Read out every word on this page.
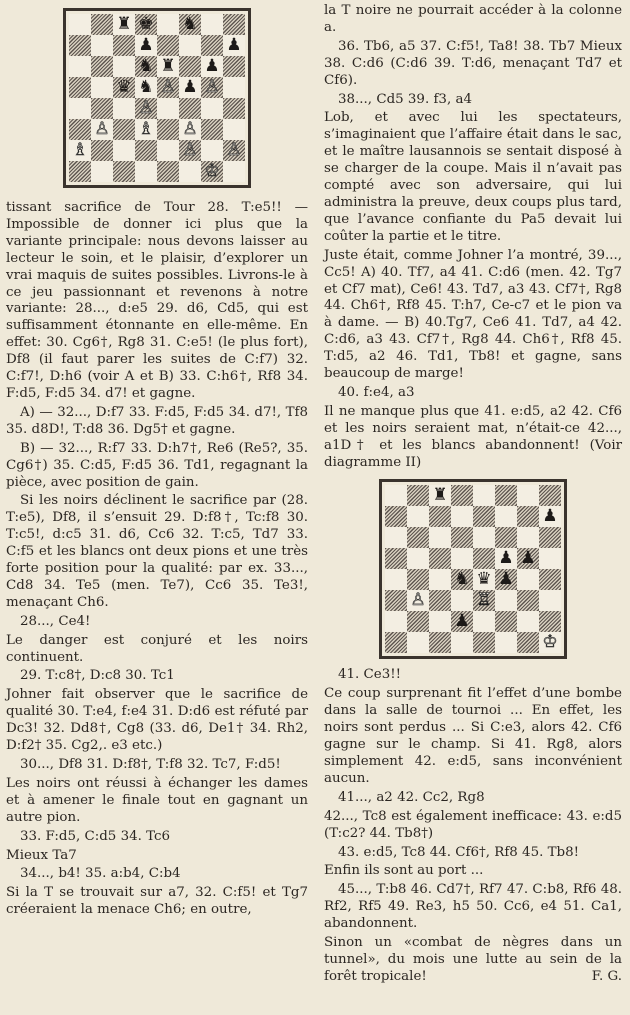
♜ ♚ ♞
♟	♟
♞ ♜ ♟
♛ ♞ ♙ ♟ ♙
♙
♙ ♗ ♙
♗	♙ ♙
♔

tissant sacrifice de Tour 28. T:e5!! — Impossible de donner ici plus que la variante principale: nous devons laisser au lecteur le soin, et le plaisir, d’explorer un vrai maquis de suites possibles. Livrons-le à ce jeu passionnant et revenons à notre variante: 28..., d:e5 29. d6, Cd5, qui est suffisamment étonnante en elle-même. En effet: 30. Cg6†, Rg8 31. C:e5! (le plus fort), Df8 (il faut parer les suites de C:f7) 32. C:f7!, D:h6 (voir A et B) 33. C:h6†, Rf8 34. F:d5, F:d5 34. d7! et gagne.

A) — 32..., D:f7 33. F:d5, F:d5 34. d7!, Tf8 35. d8D!, T:d8 36. Dg5† et gagne.

B) — 32..., R:f7 33. D:h7†, Re6 (Re5?, 35. Cg6†) 35. C:d5, F:d5 36. Td1, regagnant la pièce, avec position de gain.

Si les noirs déclinent le sacrifice par (28. T:e5), Df8, il s’ensuit 29. D:f8†, Tc:f8 30. T:c5!, d:c5 31. d6, Cc6 32. T:c5, Td7 33. C:f5 et les blancs ont deux pions et une très forte position pour la qualité: par ex. 33..., Cd8 34. Te5 (men. Te7), Cc6 35. Te3!, menaçant Ch6.

28..., Ce4!

Le danger est conjuré et les noirs continuent.

29. T:c8†, D:c8 30. Tc1

Johner fait observer que le sacrifice de qualité 30. T:e4, f:e4 31. D:d6 est réfuté par Dc3! 32. Dd8†, Cg8 (33. d6, De1† 34. Rh2, D:f2† 35. Cg2,. e3 etc.)

30..., Df8 31. D:f8†, T:f8 32. Tc7, F:d5!

Les noirs ont réussi à échanger les dames et à amener le finale tout en gagnant un autre pion.

33. F:d5, C:d5 34. Tc6

Mieux Ta7

34..., b4! 35. a:b4, C:b4

Si la T se trouvait sur a7, 32. C:f5! et Tg7 créeraient la menace Ch6; en outre,

la T noire ne pourrait accéder à la colonne a.

36. Tb6, a5 37. C:f5!, Ta8! 38. Tb7 Mieux 38. C:d6 (C:d6 39. T:d6, menaçant Td7 et Cf6).

38..., Cd5 39. f3, a4

Lob, et avec lui les spectateurs, s’imaginaient que l’affaire était dans le sac, et le maître lausannois se sentait disposé à se charger de la coupe. Mais il n’avait pas compté avec son adversaire, qui lui administra la preuve, deux coups plus tard, que l’avance confiante du Pa5 devait lui coûter la partie et le titre.

Juste était, comme Johner l’a montré, 39..., Cc5! A) 40. Tf7, a4 41. C:d6 (men. 42. Tg7 et Cf7 mat), Ce6! 43. Td7, a3 43. Cf7†, Rg8 44. Ch6†, Rf8 45. T:h7, Ce-c7 et le pion va à dame. — B) 40.Tg7, Ce6 41. Td7, a4 42. C:d6, a3 43. Cf7†, Rg8 44. Ch6†, Rf8 45. T:d5, a2 46. Td1, Tb8! et gagne, sans beaucoup de marge!

40. f:e4, a3

Il ne manque plus que 41. e:d5, a2 42. Cf6 et les noirs seraient mat, n’était-ce 42..., a1D† et les blancs abandonnent! (Voir diagramme II)

♜
♟
♟ ♟
♞ ♛ ♟
♙	♖
♟
♔

41. Ce3!!

Ce coup surprenant fit l’effet d’une bombe dans la salle de tournoi ... En effet, les noirs sont perdus ... Si C:e3, alors 42. Cf6 gagne sur le champ. Si 41. Rg8, alors simplement 42. e:d5, sans inconvénient aucun.

41..., a2 42. Cc2, Rg8

42..., Tc8 est également inefficace: 43. e:d5 (T:c2? 44. Tb8†)

43. e:d5, Tc8 44. Cf6†, Rf8 45. Tb8!

Enfin ils sont au port ...

45..., T:b8 46. Cd7†, Rf7 47. C:b8, Rf6 48. Rf2, Rf5 49. Re3, h5 50. Cc6, e4 51. Ca1, abandonnent.

Sinon un «combat de nègres dans un tunnel», du mois une lutte au sein de la forêt tropicale!	F. G.
